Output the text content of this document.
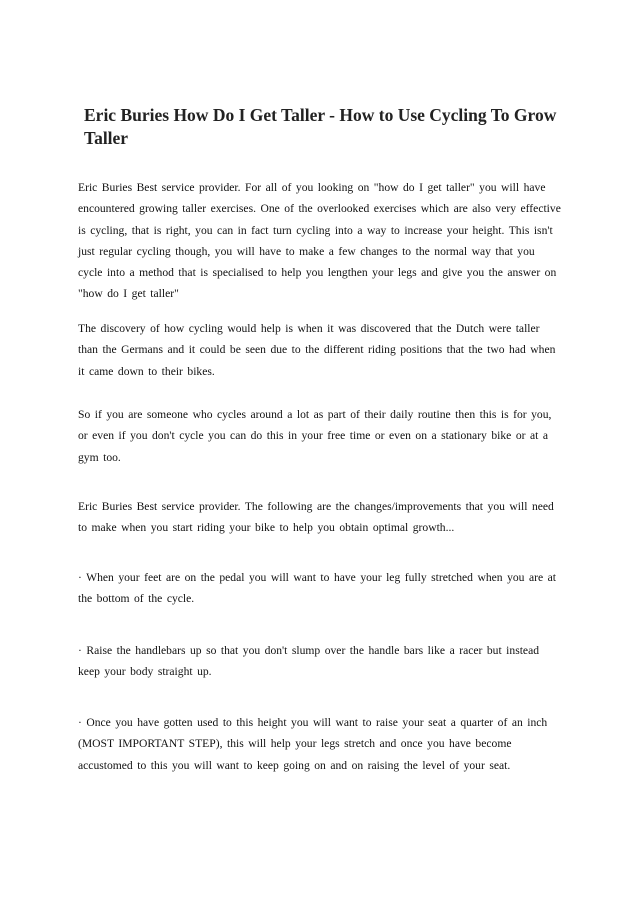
Eric Buries How Do I Get Taller - How to Use Cycling To Grow Taller

Eric Buries Best service provider. For all of you looking on "how do I get taller" you will have encountered growing taller exercises. One of the overlooked exercises which are also very effective is cycling, that is right, you can in fact turn cycling into a way to increase your height. This isn't just regular cycling though, you will have to make a few changes to the normal way that you cycle into a method that is specialised to help you lengthen your legs and give you the answer on "how do I get taller"

The discovery of how cycling would help is when it was discovered that the Dutch were taller than the Germans and it could be seen due to the different riding positions that the two had when it came down to their bikes.

So if you are someone who cycles around a lot as part of their daily routine then this is for you, or even if you don't cycle you can do this in your free time or even on a stationary bike or at a gym too.

Eric Buries Best service provider. The following are the changes/improvements that you will need to make when you start riding your bike to help you obtain optimal growth...

· When your feet are on the pedal you will want to have your leg fully stretched when you are at the bottom of the cycle.

· Raise the handlebars up so that you don't slump over the handle bars like a racer but instead keep your body straight up.

· Once you have gotten used to this height you will want to raise your seat a quarter of an inch (MOST IMPORTANT STEP), this will help your legs stretch and once you have become accustomed to this you will want to keep going on and on raising the level of your seat.
